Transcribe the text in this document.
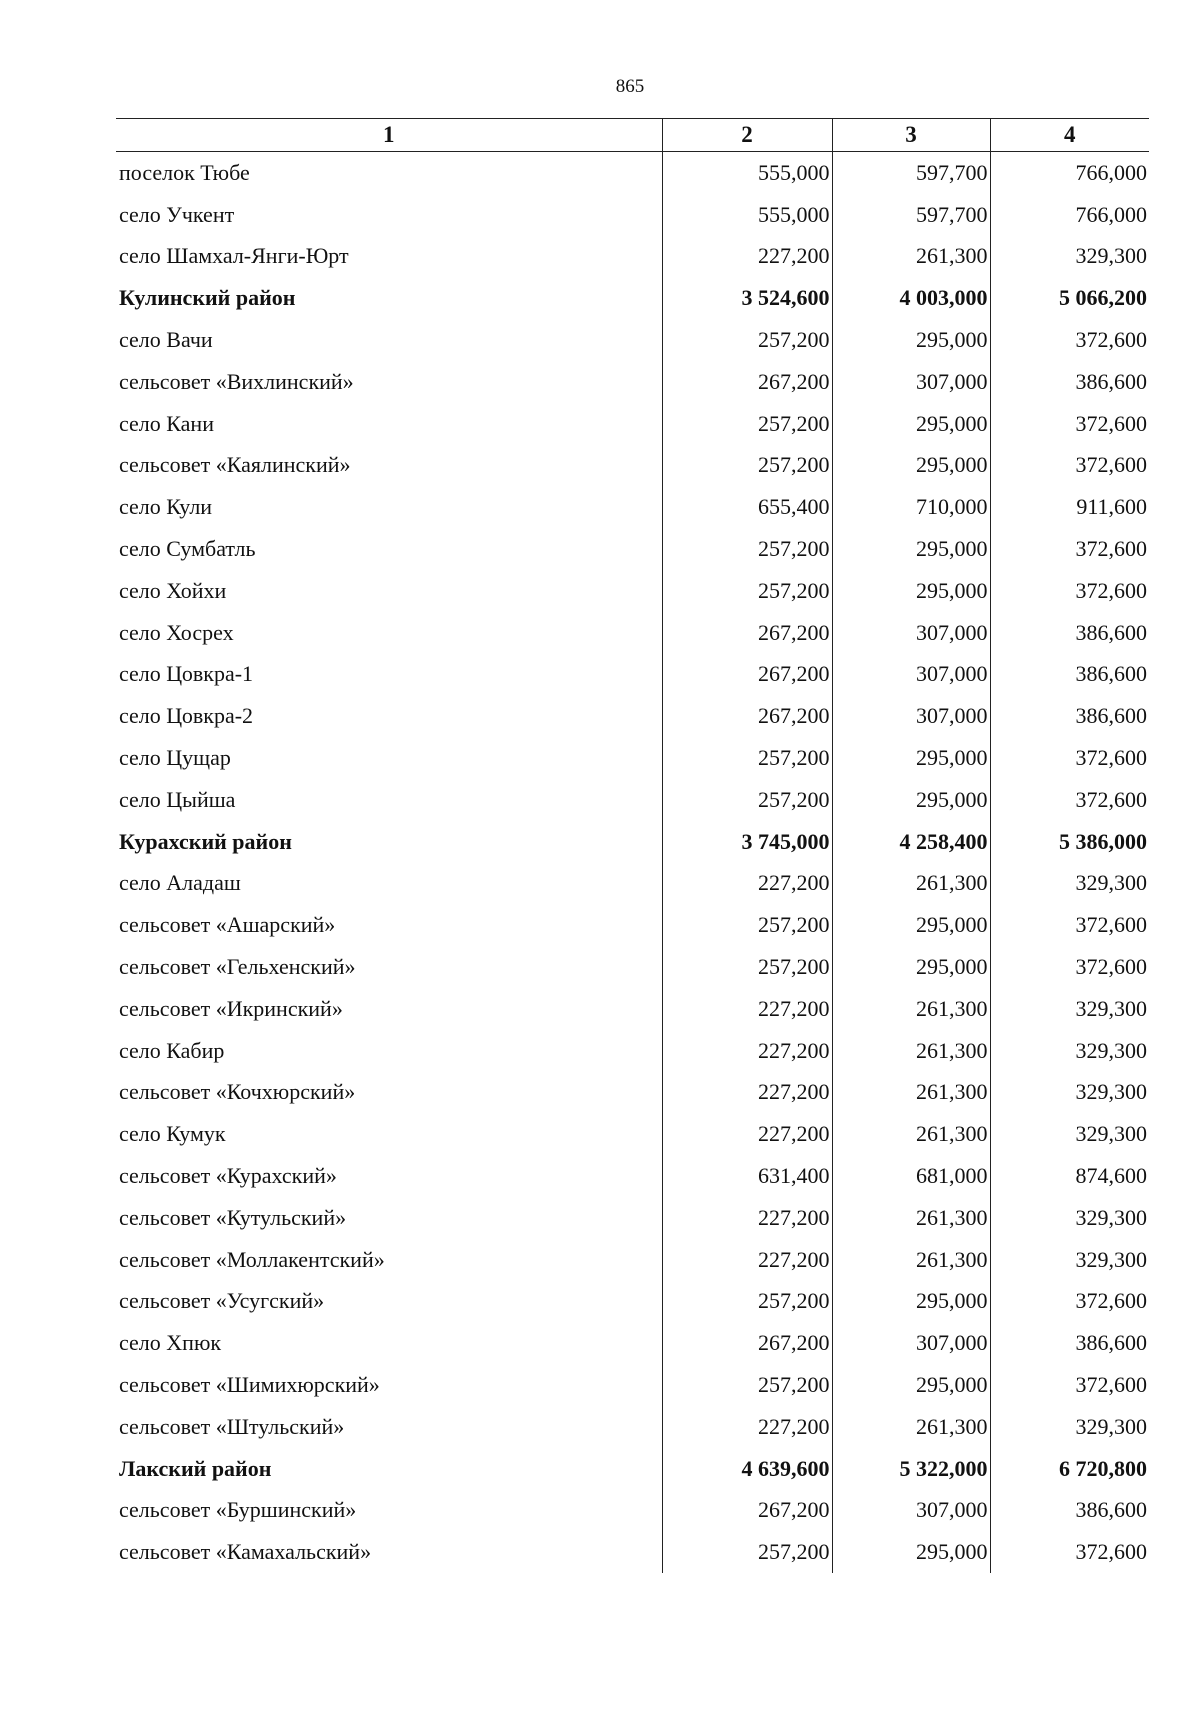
865
1	2	3	4
поселок Тюбе	555,000	597,700	766,000
село Учкент	555,000	597,700	766,000
село Шамхал-Янги-Юрт	227,200	261,300	329,300
Кулинский район	3 524,600	4 003,000	5 066,200
село Вачи	257,200	295,000	372,600
сельсовет «Вихлинский»	267,200	307,000	386,600
село Кани	257,200	295,000	372,600
сельсовет «Каялинский»	257,200	295,000	372,600
село Кули	655,400	710,000	911,600
село Сумбатль	257,200	295,000	372,600
село Хойхи	257,200	295,000	372,600
село Хосрех	267,200	307,000	386,600
село Цовкра-1	267,200	307,000	386,600
село Цовкра-2	267,200	307,000	386,600
село Цущар	257,200	295,000	372,600
село Цыйша	257,200	295,000	372,600
Курахский район	3 745,000	4 258,400	5 386,000
село Аладаш	227,200	261,300	329,300
сельсовет «Ашарский»	257,200	295,000	372,600
сельсовет «Гельхенский»	257,200	295,000	372,600
сельсовет «Икринский»	227,200	261,300	329,300
село Кабир	227,200	261,300	329,300
сельсовет «Кочхюрский»	227,200	261,300	329,300
село Кумук	227,200	261,300	329,300
сельсовет «Курахский»	631,400	681,000	874,600
сельсовет «Кутульский»	227,200	261,300	329,300
сельсовет «Моллакентский»	227,200	261,300	329,300
сельсовет «Усугский»	257,200	295,000	372,600
село Хпюк	267,200	307,000	386,600
сельсовет «Шимихюрский»	257,200	295,000	372,600
сельсовет «Штульский»	227,200	261,300	329,300
Лакский район	4 639,600	5 322,000	6 720,800
сельсовет «Буршинский»	267,200	307,000	386,600
сельсовет «Камахальский»	257,200	295,000	372,600
